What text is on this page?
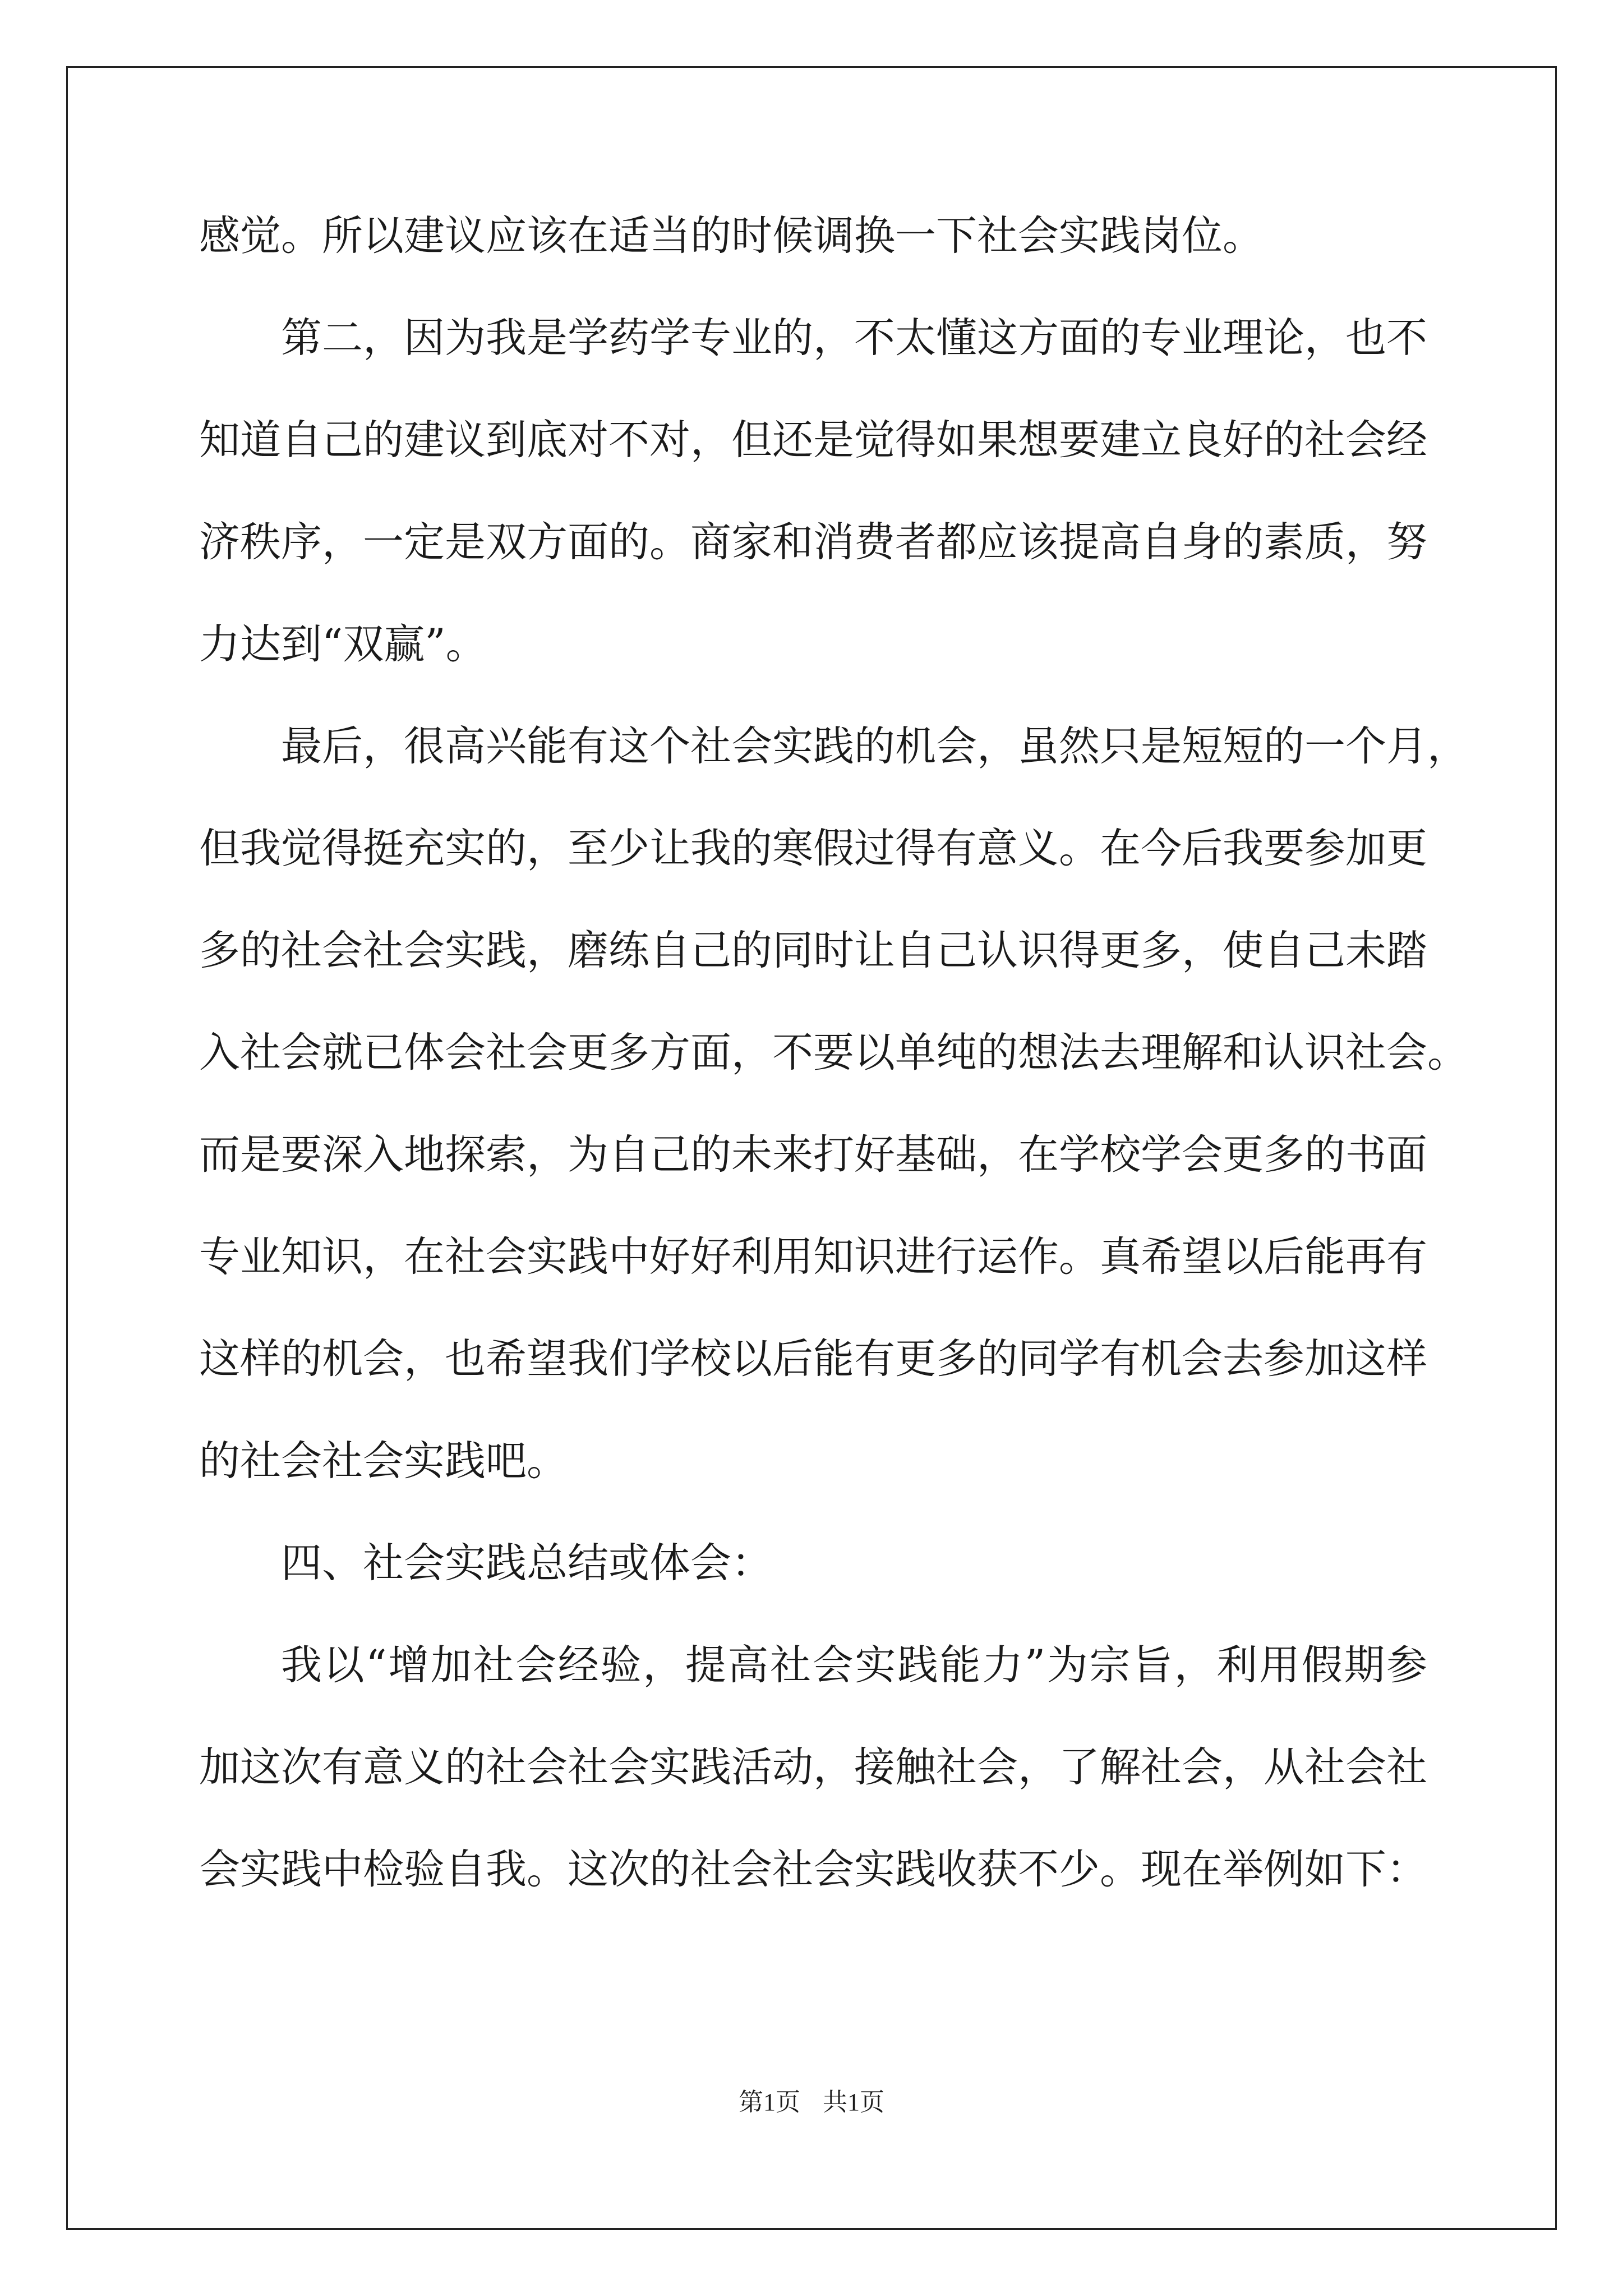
感觉。所以建议应该在适当的时候调换一下社会实践岗位。
第二，因为我是学药学专业的，不太懂这方面的专业理论，也不
知道自己的建议到底对不对，但还是觉得如果想要建立良好的社会经
济秩序，一定是双方面的。商家和消费者都应该提高自身的素质，努
力达到“双赢”。
最后，很高兴能有这个社会实践的机会，虽然只是短短的一个月，
但我觉得挺充实的，至少让我的寒假过得有意义。在今后我要参加更
多的社会社会实践，磨练自己的同时让自己认识得更多，使自己未踏
入社会就已体会社会更多方面，不要以单纯的想法去理解和认识社会。
而是要深入地探索，为自己的未来打好基础，在学校学会更多的书面
专业知识，在社会实践中好好利用知识进行运作。真希望以后能再有
这样的机会，也希望我们学校以后能有更多的同学有机会去参加这样
的社会社会实践吧。
四、社会实践总结或体会：
我以“增加社会经验，提高社会实践能力”为宗旨，利用假期参
加这次有意义的社会社会实践活动，接触社会，了解社会，从社会社
会实践中检验自我。这次的社会社会实践收获不少。现在举例如下：
第1页 共1页
